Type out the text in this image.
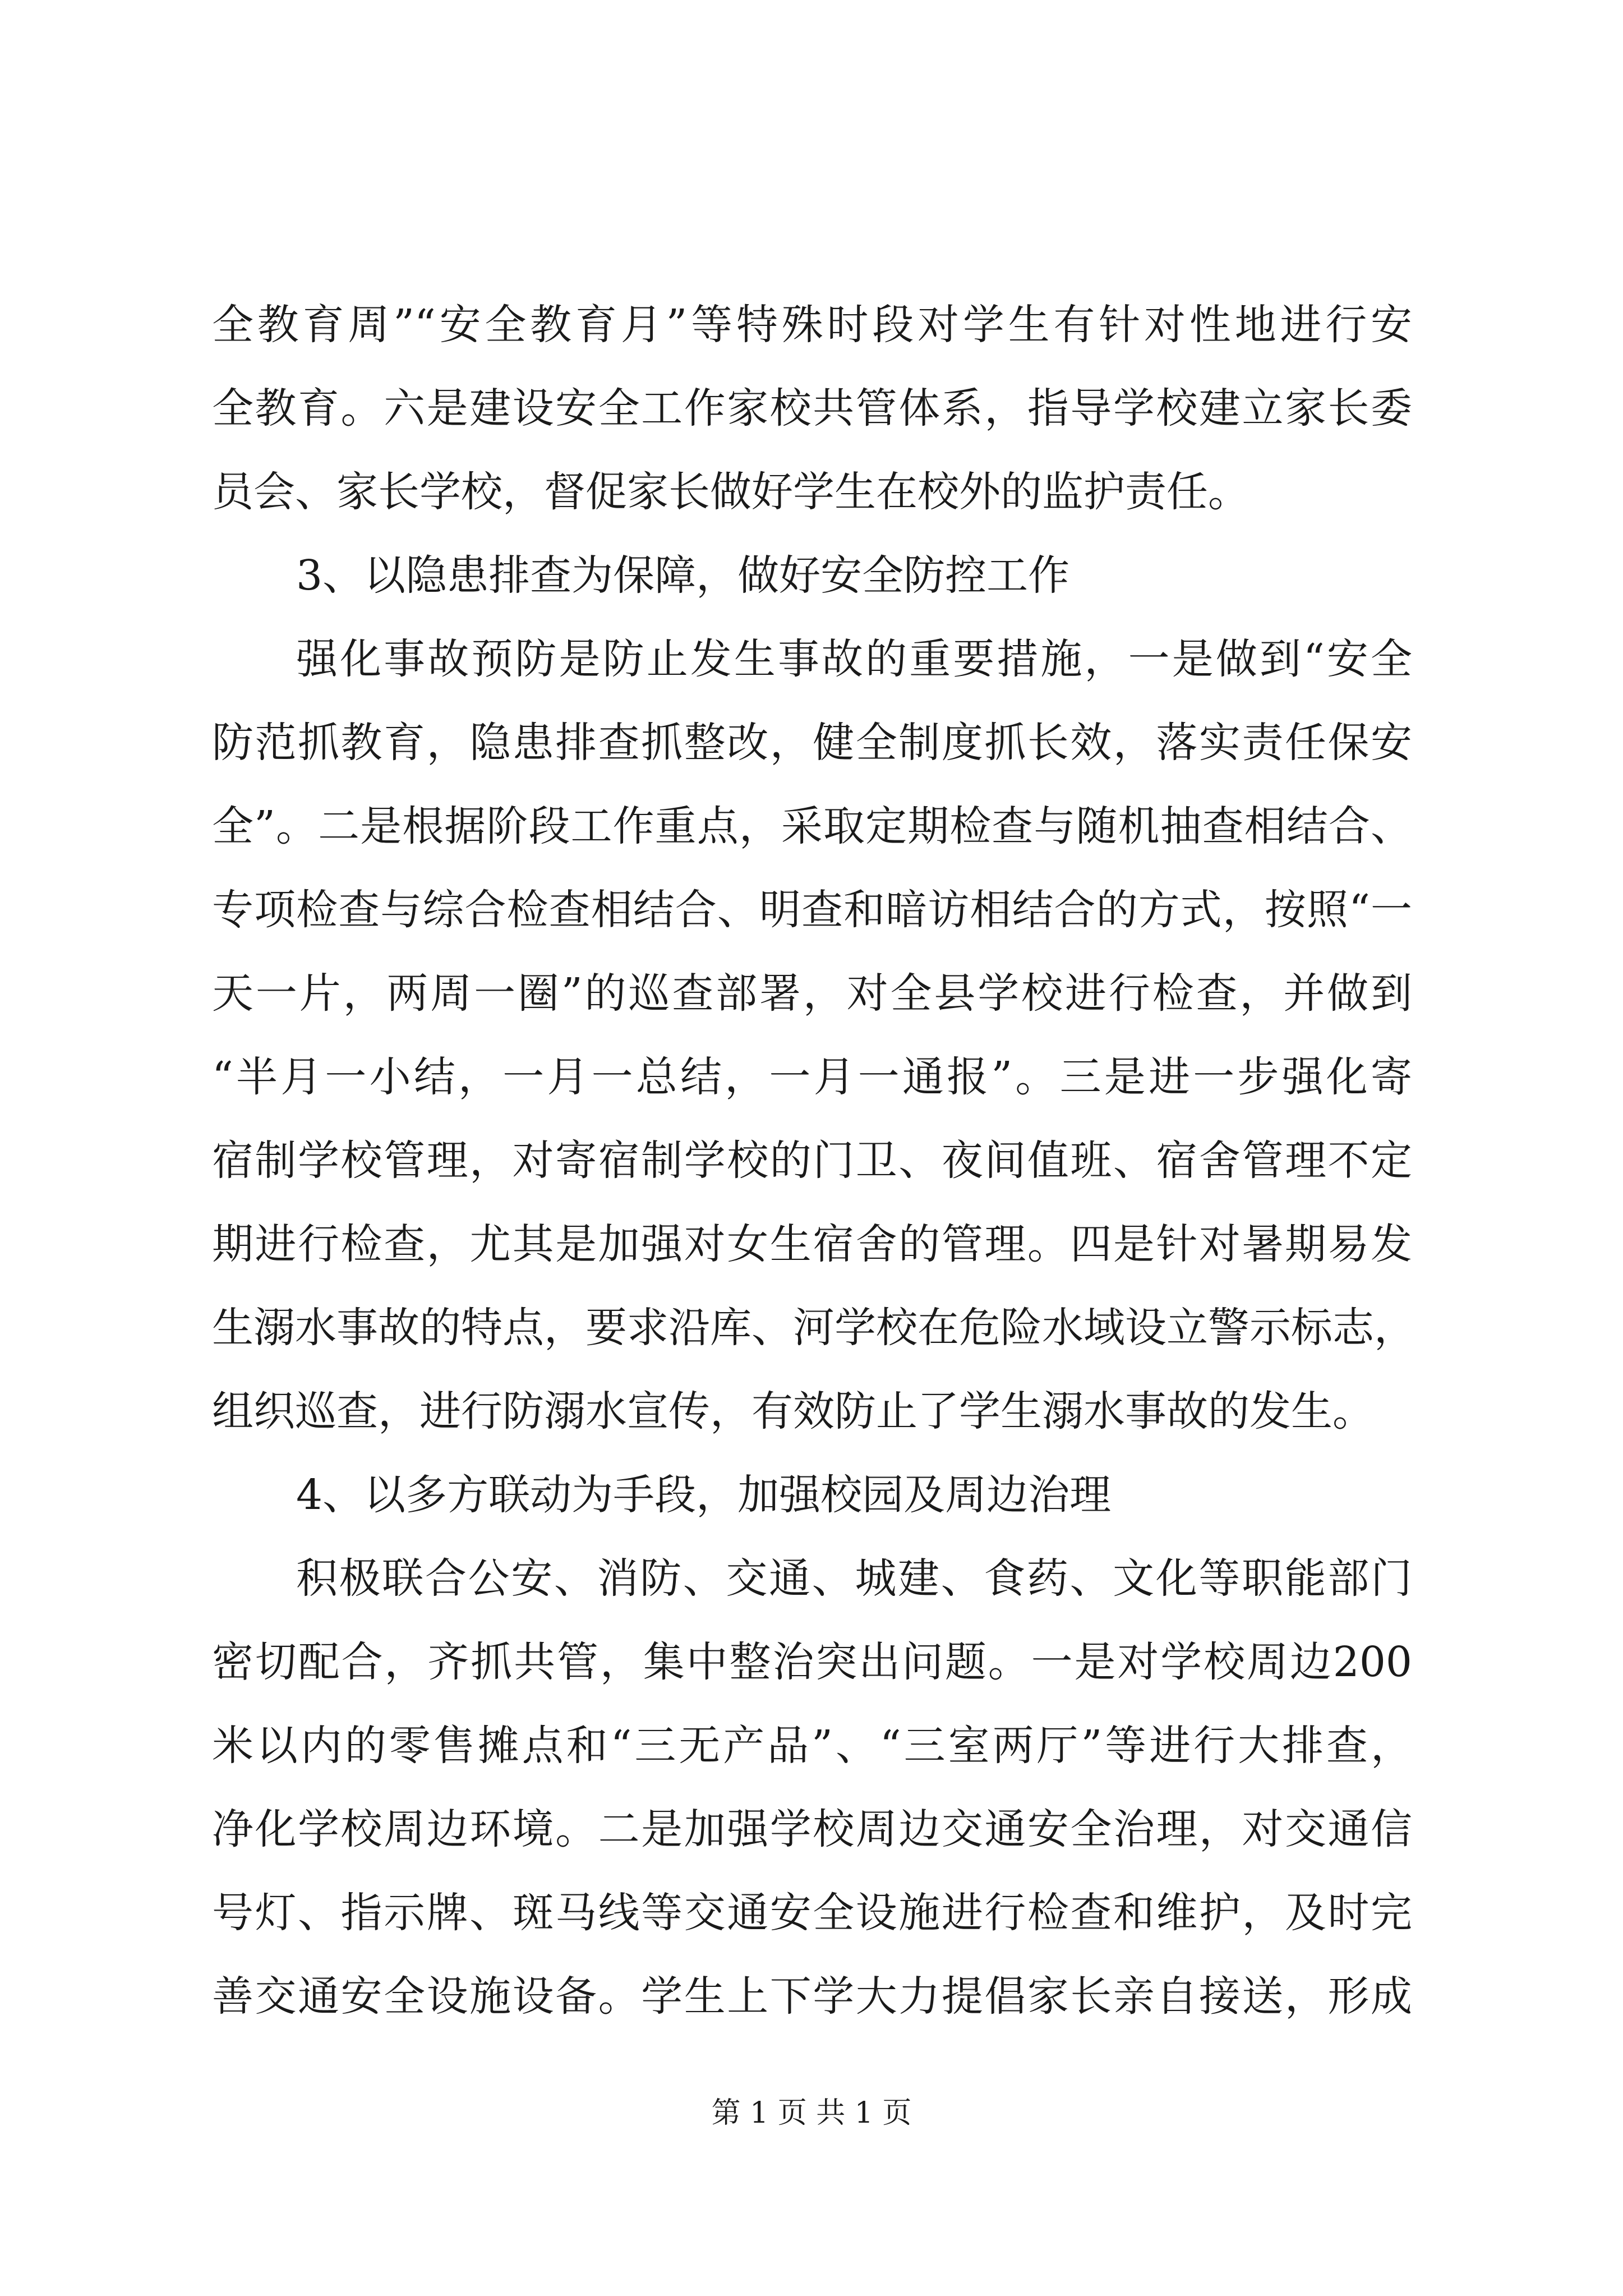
全教育周”“安全教育月”等特殊时段对学生有针对性地进行安
全教育。六是建设安全工作家校共管体系，指导学校建立家长委
员会、家长学校，督促家长做好学生在校外的监护责任。
3、以隐患排查为保障，做好安全防控工作
强化事故预防是防止发生事故的重要措施，一是做到“安全
防范抓教育，隐患排查抓整改，健全制度抓长效，落实责任保安
全”。二是根据阶段工作重点，采取定期检查与随机抽查相结合、
专项检查与综合检查相结合、明查和暗访相结合的方式，按照“一
天一片，两周一圈”的巡查部署，对全县学校进行检查，并做到
“半月一小结，一月一总结，一月一通报”。三是进一步强化寄
宿制学校管理，对寄宿制学校的门卫、夜间值班、宿舍管理不定
期进行检查，尤其是加强对女生宿舍的管理。四是针对暑期易发
生溺水事故的特点，要求沿库、河学校在危险水域设立警示标志，
组织巡查，进行防溺水宣传，有效防止了学生溺水事故的发生。
4、以多方联动为手段，加强校园及周边治理
积极联合公安、消防、交通、城建、食药、文化等职能部门
密切配合，齐抓共管，集中整治突出问题。一是对学校周边200
米以内的零售摊点和“三无产品”、“三室两厅”等进行大排查，
净化学校周边环境。二是加强学校周边交通安全治理，对交通信
号灯、指示牌、斑马线等交通安全设施进行检查和维护，及时完
善交通安全设施设备。学生上下学大力提倡家长亲自接送，形成
第 1 页 共 1 页
